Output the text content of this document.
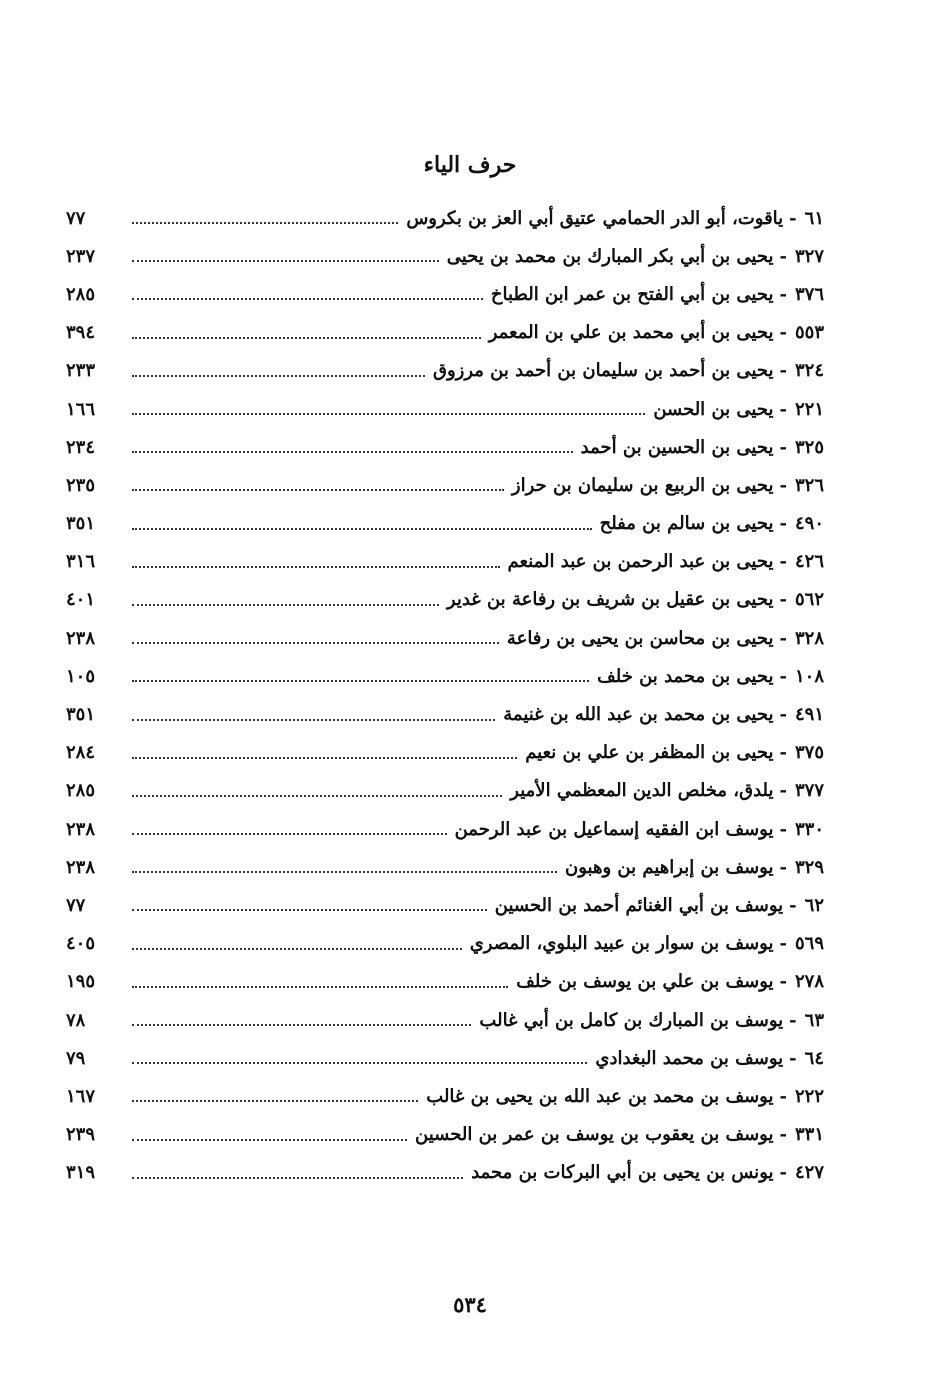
حرف الياء
٦١
-
ياقوت، أبو الدر الحمامي عتيق أبي العز بن بكروس
٧٧
٣٢٧
-
يحيى بن أبي بكر المبارك بن محمد بن يحيى
٢٣٧
٣٧٦
-
يحيى بن أبي الفتح بن عمر ابن الطباخ
٢٨٥
٥٥٣
-
يحيى بن أبي محمد بن علي بن المعمر
٣٩٤
٣٢٤
-
يحيى بن أحمد بن سليمان بن أحمد بن مرزوق
٢٣٣
٢٢١
-
يحيى بن الحسن
١٦٦
٣٢٥
-
يحيى بن الحسين بن أحمد
٢٣٤
٣٢٦
-
يحيى بن الربيع بن سليمان بن حراز
٢٣٥
٤٩٠
-
يحيى بن سالم بن مفلح
٣٥١
٤٢٦
-
يحيى بن عبد الرحمن بن عبد المنعم
٣١٦
٥٦٢
-
يحيى بن عقيل بن شريف بن رفاعة بن غدير
٤٠١
٣٢٨
-
يحيى بن محاسن بن يحيى بن رفاعة
٢٣٨
١٠٨
-
يحيى بن محمد بن خلف
١٠٥
٤٩١
-
يحيى بن محمد بن عبد الله بن غنيمة
٣٥١
٣٧٥
-
يحيى بن المظفر بن علي بن نعيم
٢٨٤
٣٧٧
-
يلدق، مخلص الدين المعظمي الأمير
٢٨٥
٣٣٠
-
يوسف ابن الفقيه إسماعيل بن عبد الرحمن
٢٣٨
٣٢٩
-
يوسف بن إبراهيم بن وهبون
٢٣٨
٦٢
-
يوسف بن أبي الغنائم أحمد بن الحسين
٧٧
٥٦٩
-
يوسف بن سوار بن عبيد البلوي، المصري
٤٠٥
٢٧٨
-
يوسف بن علي بن يوسف بن خلف
١٩٥
٦٣
-
يوسف بن المبارك بن كامل بن أبي غالب
٧٨
٦٤
-
يوسف بن محمد البغدادي
٧٩
٢٢٢
-
يوسف بن محمد بن عبد الله بن يحيى بن غالب
١٦٧
٣٣١
-
يوسف بن يعقوب بن يوسف بن عمر بن الحسين
٢٣٩
٤٢٧
-
يونس بن يحيى بن أبي البركات بن محمد
٣١٩
٥٣٤
